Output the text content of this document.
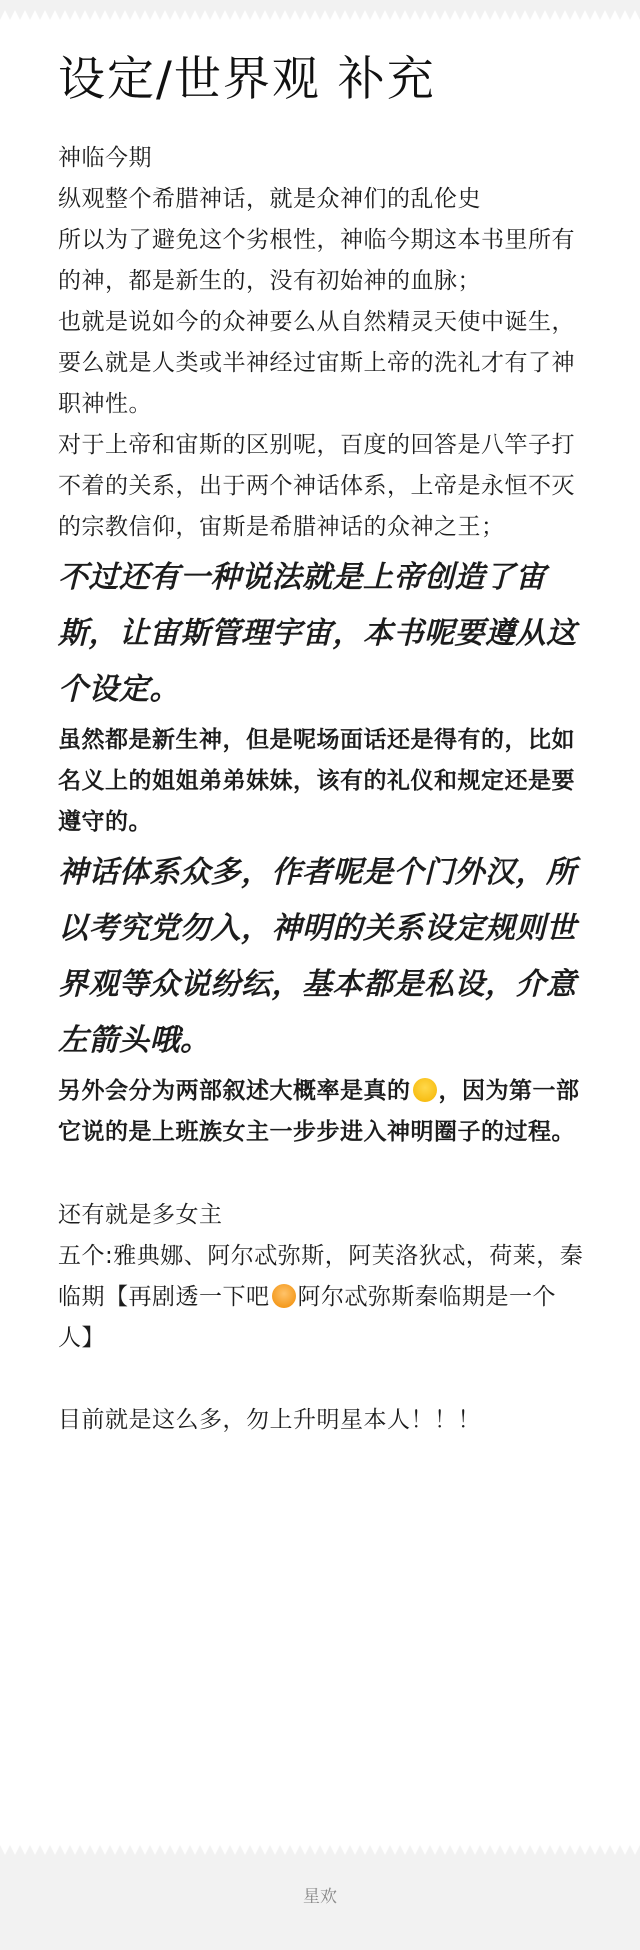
设定/世界观 补充

神临今期

纵观整个希腊神话，就是众神们的乱伦史

所以为了避免这个劣根性，神临今期这本书里所有的神，都是新生的，没有初始神的血脉；

也就是说如今的众神要么从自然精灵天使中诞生，要么就是人类或半神经过宙斯上帝的洗礼才有了神职神性。

对于上帝和宙斯的区别呢，百度的回答是八竿子打不着的关系，出于两个神话体系，上帝是永恒不灭的宗教信仰，宙斯是希腊神话的众神之王；

不过还有一种说法就是上帝创造了宙斯，让宙斯管理宇宙，本书呢要遵从这个设定。

虽然都是新生神，但是呢场面话还是得有的，比如名义上的姐姐弟弟妹妹，该有的礼仪和规定还是要遵守的。

神话体系众多，作者呢是个门外汉，所以考究党勿入，神明的关系设定规则世界观等众说纷纭，基本都是私设，介意左箭头哦。

另外会分为两部叙述大概率是真的 ，因为第一部它说的是上班族女主一步步进入神明圈子的过程。

还有就是多女主

五个:雅典娜、阿尔忒弥斯，阿芙洛狄忒，荷莱，秦临期【再剧透一下吧 阿尔忒弥斯秦临期是一个人】

目前就是这么多，勿上升明星本人！！！

星欢
